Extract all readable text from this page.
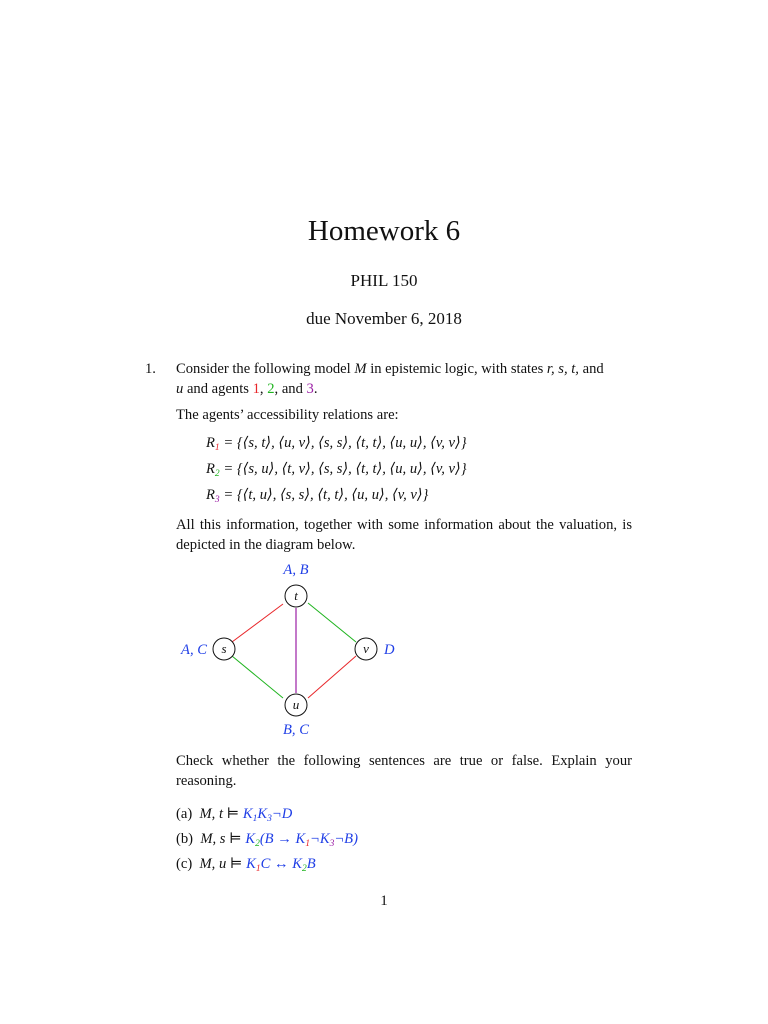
Homework 6
PHIL 150
due November 6, 2018
1. Consider the following model M in epistemic logic, with states r, s, t, and
u and agents 1, 2, and 3.
The agents’ accessibility relations are:
$R_1$ = {⟨s, t⟩, ⟨u, v⟩, ⟨s, s⟩, ⟨t, t⟩, ⟨u, u⟩, ⟨v, v⟩}
$R_2$ = {⟨s, u⟩, ⟨t, v⟩, ⟨s, s⟩, ⟨t, t⟩, ⟨u, u⟩, ⟨v, v⟩}
$R_3$ = {⟨t, u⟩, ⟨s, s⟩, ⟨t, t⟩, ⟨u, u⟩, ⟨v, v⟩}
All this information, together with some information about the valuation, is depicted in the diagram below.
t
s	v
u
A, B
A, C	D
B, C
Check whether the following sentences are true or false. Explain your reasoning.
(a) M, t ⊨ $K_1K_3\neg D$
(b) M, s ⊨ $K_2(B$ → $K_1\neg K_3\neg B$)
(c) M, u ⊨ $K_1C$ ↔ $K_2B$
1
